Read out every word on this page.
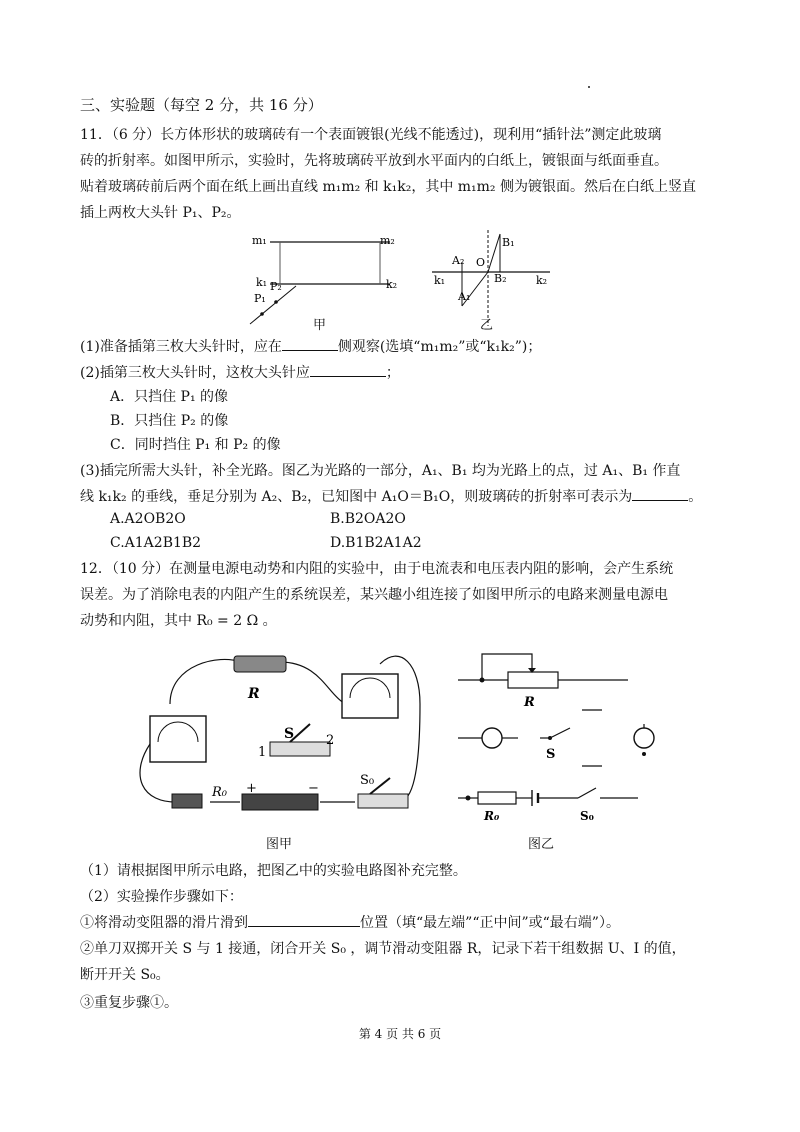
三、实验题（每空 2 分，共 16 分）
11．（6 分）长方体形状的玻璃砖有一个表面镀银(光线不能透过)，现利用“插针法”测定此玻璃
砖的折射率。如图甲所示，实验时，先将玻璃砖平放到水平面内的白纸上，镀银面与纸面垂直。
贴着玻璃砖前后两个面在纸上画出直线 m₁m₂ 和 k₁k₂，其中 m₁m₂ 侧为镀银面。然后在白纸上竖直
插上两枚大头针 P₁、P₂。
m₁	m₂
k₁	k₂
P₁
P₂
甲
A₂
A₁
O
B₁
B₂
k₁	k₂
乙
(1)准备插第三枚大头针时，应在	侧观察(选填“m₁m₂”或“k₁k₂”)；
(2)插第三枚大头针时，这枚大头针应	；
A．只挡住 P₁ 的像
B．只挡住 P₂ 的像
C．同时挡住 P₁ 和 P₂ 的像
(3)插完所需大头针，补全光路。图乙为光路的一部分，A₁、B₁ 均为光路上的点，过 A₁、B₁ 作直
线 k₁k₂ 的垂线，垂足分别为 A₂、B₂，已知图中 A₁O＝B₁O，则玻璃砖的折射率可表示为	。
A.A2OB2O	B.B2OA2O
C.A1A2B1B2	D.B1B2A1A2
12．（10 分）在测量电源电动势和内阻的实验中，由于电流表和电压表内阻的影响，会产生系统
误差。为了消除电表的内阻产生的系统误差，某兴趣小组连接了如图甲所示的电路来测量电源电
动势和内阻，其中 R₀ = 2 Ω 。
R
S
1
2
R₀
S₀
+	−
图甲
R
S
R₀	S₀
图乙
（1）请根据图甲所示电路，把图乙中的实验电路图补充完整。
（2）实验操作步骤如下：
①将滑动变阻器的滑片滑到	位置（填“最左端”“正中间”或“最右端”）。
②单刀双掷开关 S 与 1 接通，闭合开关 S₀ ，调节滑动变阻器 R，记录下若干组数据 U、I 的值，
断开开关 S₀。
③重复步骤①。
第 4 页 共 6 页
